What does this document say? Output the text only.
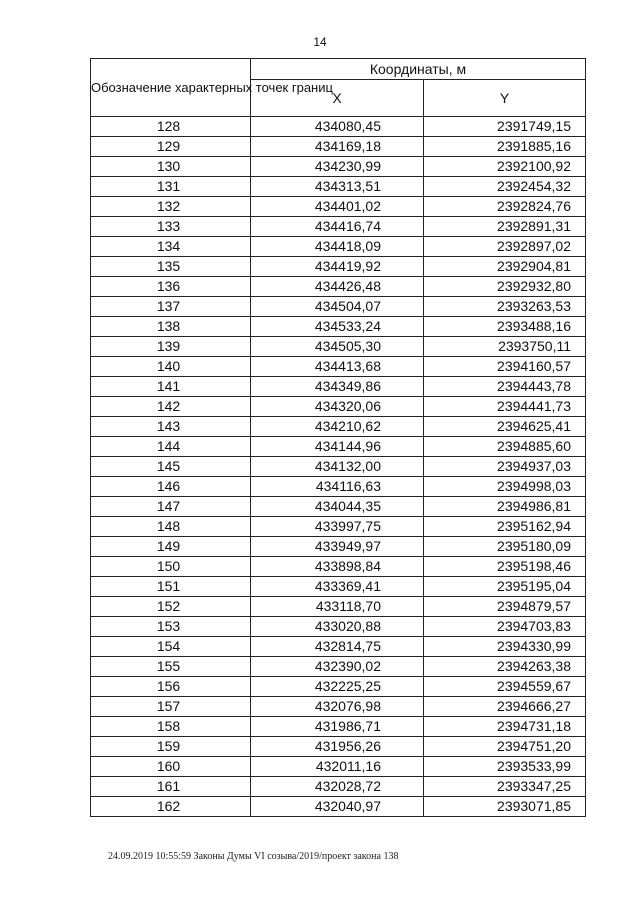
14
Обозначение характерных точек границ	Координаты, м	
	X	Y
128	434080,45	2391749,15
129	434169,18	2391885,16
130	434230,99	2392100,92
131	434313,51	2392454,32
132	434401,02	2392824,76
133	434416,74	2392891,31
134	434418,09	2392897,02
135	434419,92	2392904,81
136	434426,48	2392932,80
137	434504,07	2393263,53
138	434533,24	2393488,16
139	434505,30	2393750,11
140	434413,68	2394160,57
141	434349,86	2394443,78
142	434320,06	2394441,73
143	434210,62	2394625,41
144	434144,96	2394885,60
145	434132,00	2394937,03
146	434116,63	2394998,03
147	434044,35	2394986,81
148	433997,75	2395162,94
149	433949,97	2395180,09
150	433898,84	2395198,46
151	433369,41	2395195,04
152	433118,70	2394879,57
153	433020,88	2394703,83
154	432814,75	2394330,99
155	432390,02	2394263,38
156	432225,25	2394559,67
157	432076,98	2394666,27
158	431986,71	2394731,18
159	431956,26	2394751,20
160	432011,16	2393533,99
161	432028,72	2393347,25
162	432040,97	2393071,85
24.09.2019 10:55:59 Законы Думы VI созыва/2019/проект закона 138
